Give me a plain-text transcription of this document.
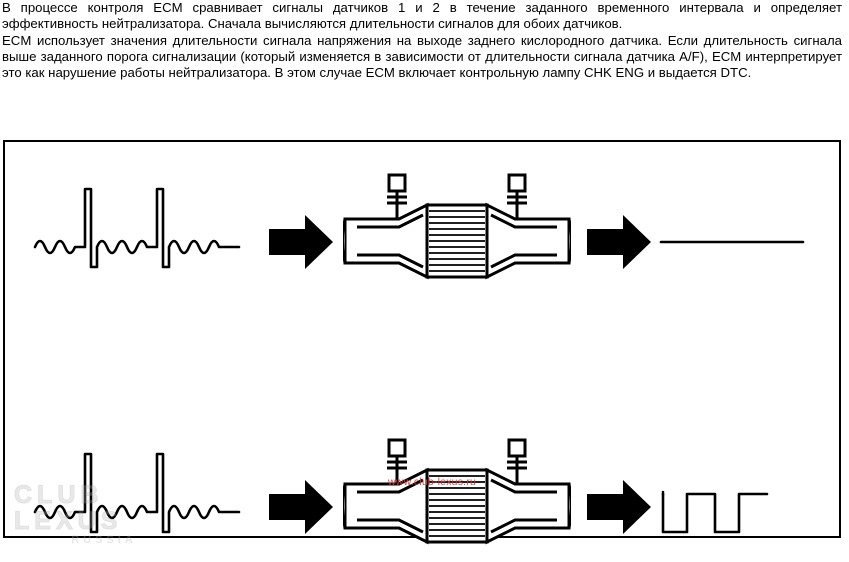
В процессе контроля ECM сравнивает сигналы датчиков 1 и 2 в течение заданного временного интервала и определяет эффективность нейтрализатора. Сначала вычисляются длительности сигналов для обоих датчиков.

ECM использует значения длительности сигнала напряжения на выходе заднего кислородного датчика. Если длительность сигнала выше заданного порога сигнализации (который изменяется в зависимости от длительности сигнала датчика A/F), ECM интерпретирует это как нарушение работы нейтрализатора. В этом случае ECM включает контрольную лампу CHK ENG и выдается DTC.

CLUB LEXUS
RUSSIA
www.club-lexus.ru
